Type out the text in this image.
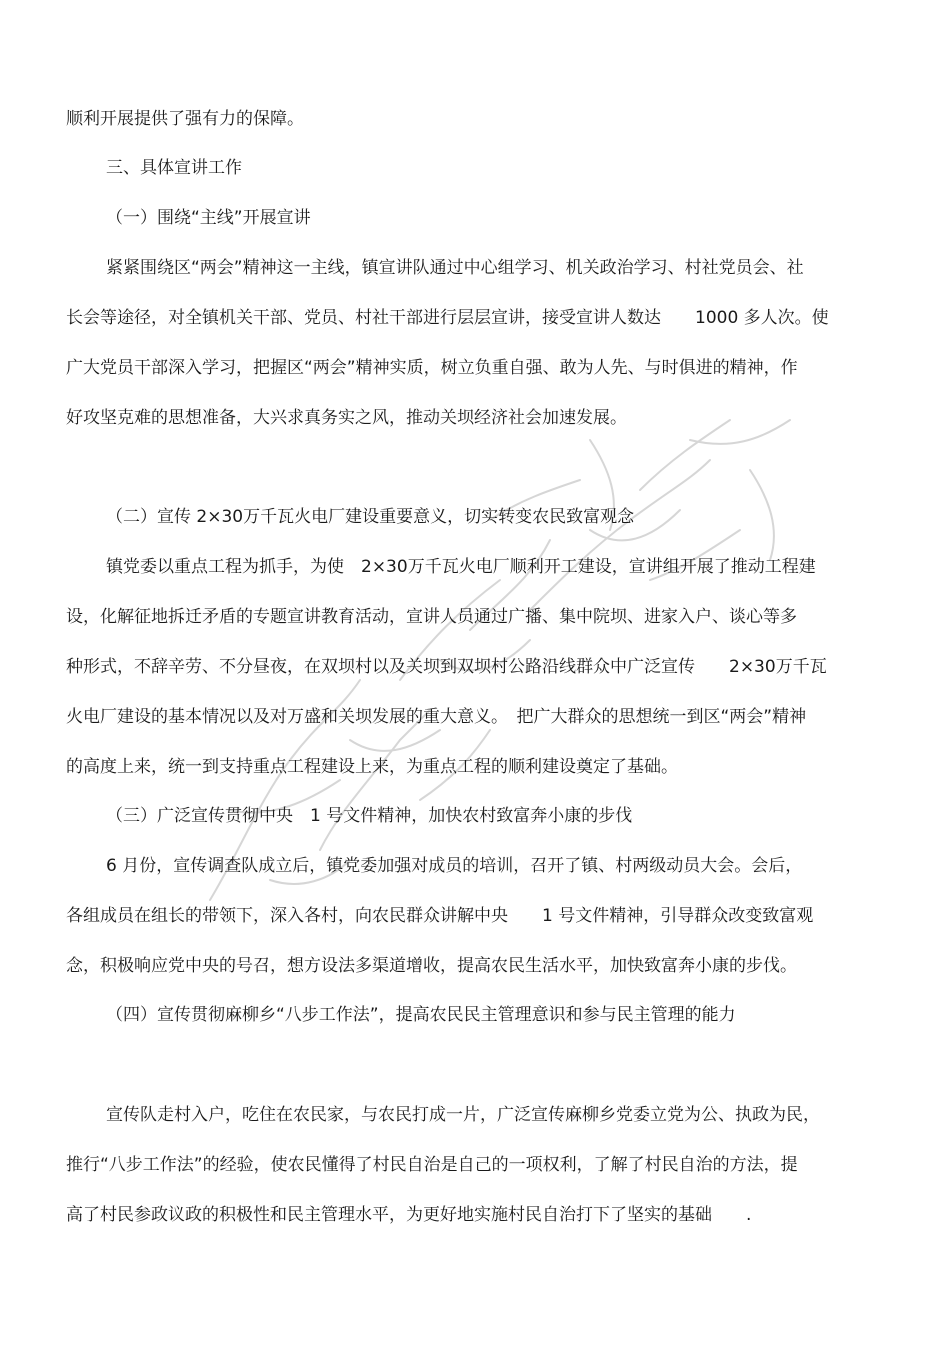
顺利开展提供了强有力的保障。

三、具体宣讲工作

（一）围绕“主线”开展宣讲

紧紧围绕区“两会”精神这一主线，镇宣讲队通过中心组学习、机关政治学习、村社党员会、社

长会等途径，对全镇机关干部、党员、村社干部进行层层宣讲，接受宣讲人数达　　1000 多人次。使

广大党员干部深入学习，把握区“两会”精神实质，树立负重自强、敢为人先、与时俱进的精神，作

好攻坚克难的思想准备，大兴求真务实之风，推动关坝经济社会加速发展。

（二）宣传 2×30万千瓦火电厂建设重要意义，切实转变农民致富观念

镇党委以重点工程为抓手，为使　2×30万千瓦火电厂顺利开工建设，宣讲组开展了推动工程建

设，化解征地拆迁矛盾的专题宣讲教育活动，宣讲人员通过广播、集中院坝、进家入户、谈心等多

种形式，不辞辛劳、不分昼夜，在双坝村以及关坝到双坝村公路沿线群众中广泛宣传　　2×30万千瓦

火电厂建设的基本情况以及对万盛和关坝发展的重大意义。　把广大群众的思想统一到区“两会”精神

的高度上来，统一到支持重点工程建设上来，为重点工程的顺利建设奠定了基础。

（三）广泛宣传贯彻中央　1 号文件精神，加快农村致富奔小康的步伐

6 月份，宣传调查队成立后，镇党委加强对成员的培训，召开了镇、村两级动员大会。会后，

各组成员在组长的带领下，深入各村，向农民群众讲解中央　　1 号文件精神，引导群众改变致富观

念，积极响应党中央的号召，想方设法多渠道增收，提高农民生活水平，加快致富奔小康的步伐。

（四）宣传贯彻麻柳乡“八步工作法”，提高农民民主管理意识和参与民主管理的能力

宣传队走村入户，吃住在农民家，与农民打成一片，广泛宣传麻柳乡党委立党为公、执政为民，

推行“八步工作法”的经验，使农民懂得了村民自治是自己的一项权利，了解了村民自治的方法，提

高了村民参政议政的积极性和民主管理水平，为更好地实施村民自治打下了坚实的基础　　.
